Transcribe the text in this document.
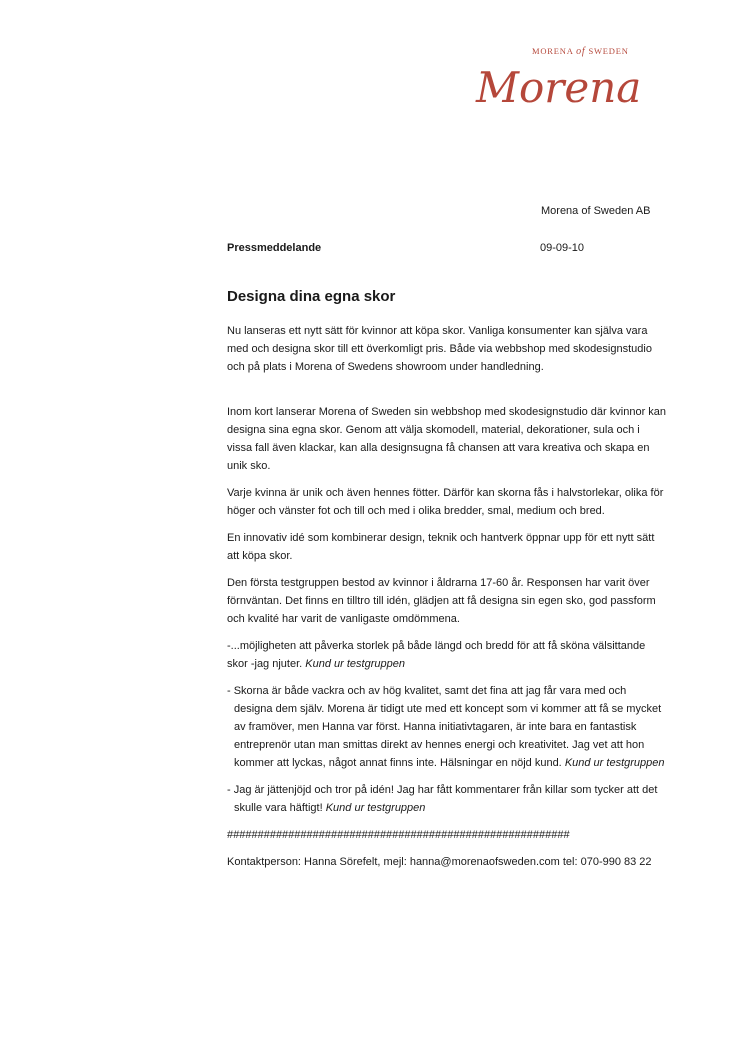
MORENA of SWEDEN
Morena
Morena of Sweden AB
Pressmeddelande	09-09-10
Designa dina egna skor

Nu lanseras ett nytt sätt för kvinnor att köpa skor. Vanliga konsumenter kan själva vara med och designa skor till ett överkomligt pris. Både via webbshop med skodesignstudio och på plats i Morena of Swedens showroom under handledning.

Inom kort lanserar Morena of Sweden sin webbshop med skodesignstudio där kvinnor kan designa sina egna skor. Genom att välja skomodell, material, dekorationer, sula och i vissa fall även klackar, kan alla designsugna få chansen att vara kreativa och skapa en unik sko.

Varje kvinna är unik och även hennes fötter. Därför kan skorna fås i halvstorlekar, olika för höger och vänster fot och till och med i olika bredder, smal, medium och bred.

En innovativ idé som kombinerar design, teknik och hantverk öppnar upp för ett nytt sätt att köpa skor.

Den första testgruppen bestod av kvinnor i åldrarna 17-60 år. Responsen har varit över förnväntan. Det finns en tilltro till idén, glädjen att få designa sin egen sko, god passform och kvalité har varit de vanligaste omdömmena.

-...möjligheten att påverka storlek på både längd och bredd för att få sköna välsittande skor -jag njuter. Kund ur testgruppen

- Skorna är både vackra och av hög kvalitet, samt det fina att jag får vara med och designa dem själv. Morena är tidigt ute med ett koncept som vi kommer att få se mycket av framöver, men Hanna var först. Hanna initiativtagaren, är inte bara en fantastisk entreprenör utan man smittas direkt av hennes energi och kreativitet. Jag vet att hon kommer att lyckas, något annat finns inte. Hälsningar en nöjd kund. Kund ur testgruppen

- Jag är jättenjöjd och tror på idén! Jag har fått kommentarer från killar som tycker att det skulle vara häftigt! Kund ur testgruppen

########################################################

Kontaktperson: Hanna Sörefelt, mejl: hanna@morenaofsweden.com tel: 070-990 83 22
